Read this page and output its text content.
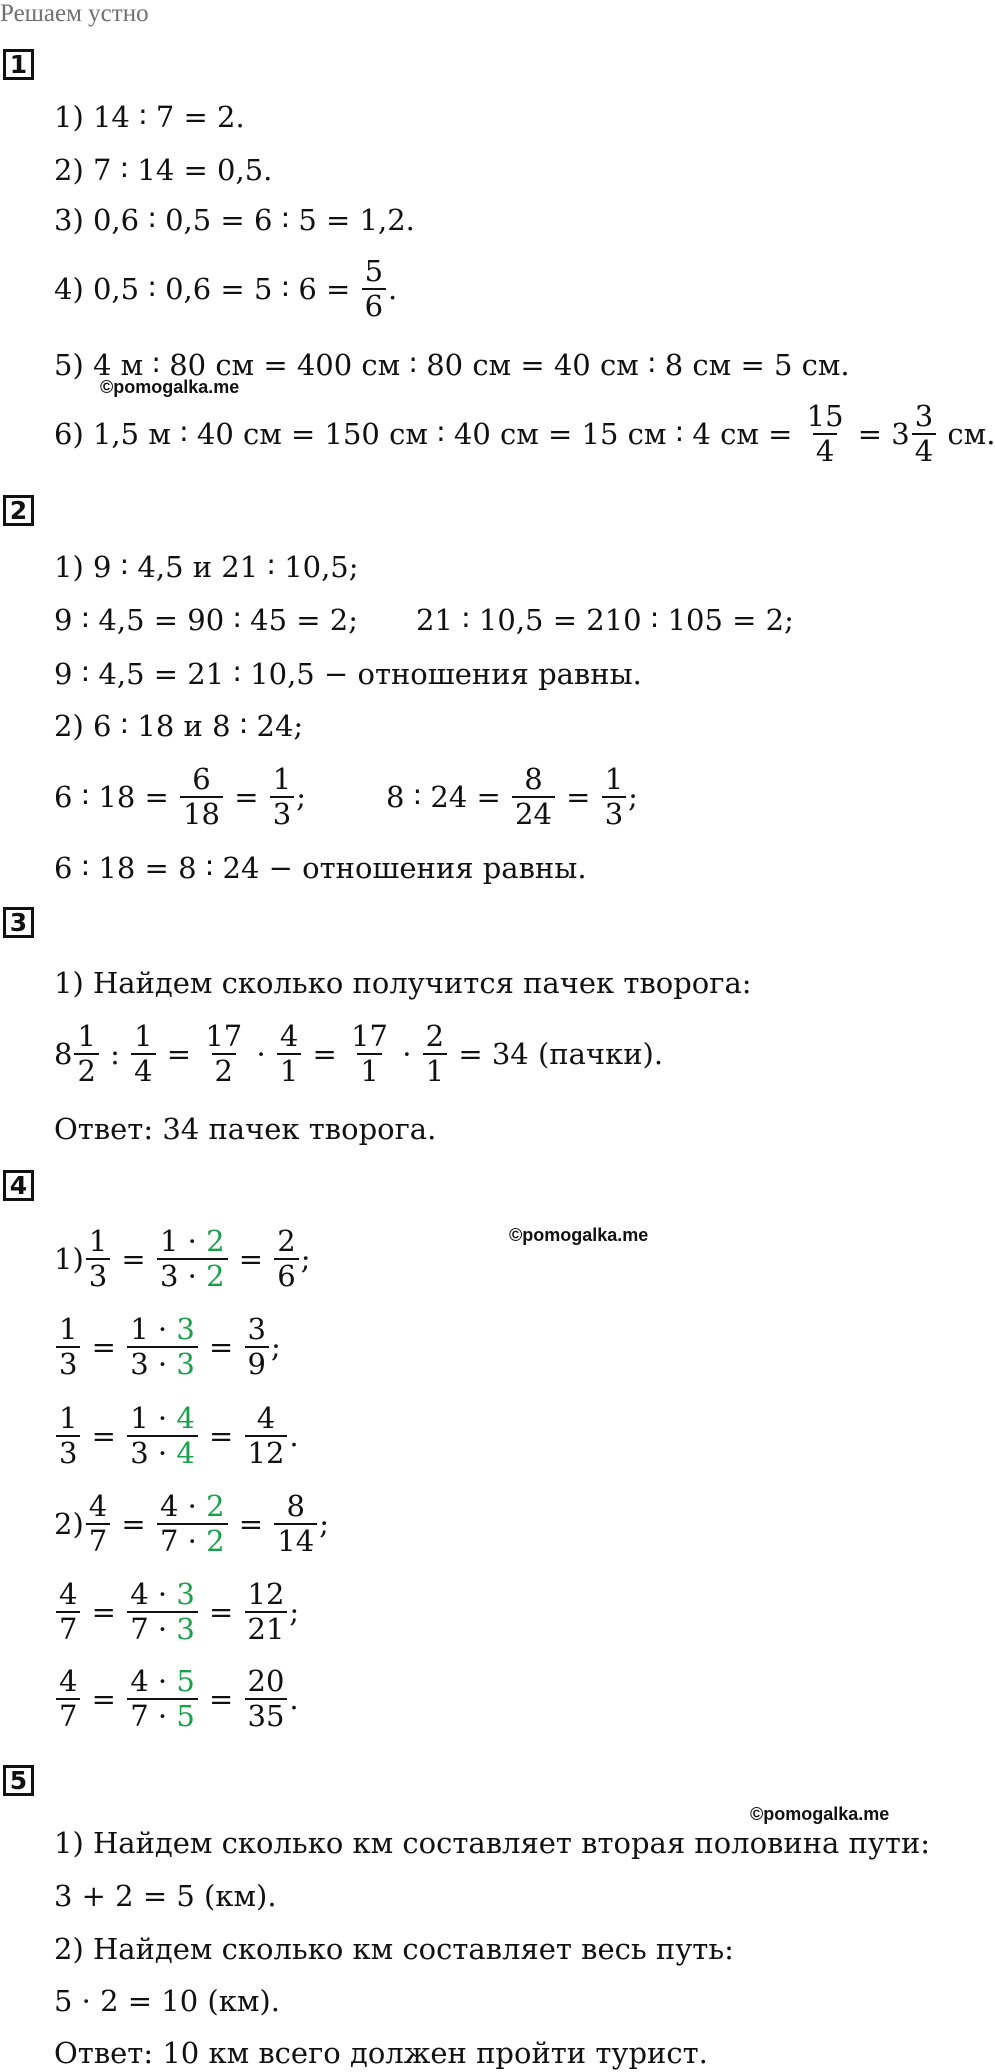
Решаем устно
1
1) 14 ∶ 7 = 2.
2) 7 ∶ 14 = 0,5.
3) 0,6 ∶ 0,5 = 6 ∶ 5 = 1,2.
4) 0,5 ∶ 0,6 = 5 ∶ $6 = \frac{5}{6}$ .
5) 4 м ∶ 80 см = 400 см ∶ 80 см = 40 см ∶ 8 см = 5 см.
©pomogalka.me
6) 1,5 м ∶ 40 см = 150 см ∶ 40 см = 15 см ∶ 4 см = $\frac{15}{4} = 3 \frac{3}{4}$ см.
2
1) 9 ∶ 4,5 и 21 ∶ 10,5;
9 ∶ 4,5 = 90 ∶ 45 = 2; 21 ∶ 10,5 = 210 ∶ 105 = 2;
9 ∶ 4,5 = 21 ∶ 10,5 − отношения равны.
2) 6 ∶ 18 и 8 ∶ 24;
6 ∶ $18 = \frac{6}{18} = \frac{1}{3}$ ;	8 ∶ $24 = \frac{8}{24} = \frac{1}{3}$ ;
6 ∶ 18 = 8 ∶ 24 − отношения равны.
3
1) Найдем сколько получится пачек творога:
$8 \frac{1}{2}$ : $\frac{1}{4} = \frac{17}{2} \cdot \frac{4}{1} = \frac{17}{1} \cdot \frac{2}{1} = 34$ (пачки).
Ответ: 34 пачек творога.
4
©pomogalka.me
$1) \frac{1}{3} = \frac{1 \cdot 2}{3 \cdot 2} = \frac{2}{6}$ ;
$\frac{1}{3} = \frac{1 \cdot 3}{3 \cdot 3} = \frac{3}{9}$ ;
$\frac{1}{3} = \frac{1 \cdot 4}{3 \cdot 4} = \frac{4}{12}$ .
$2) \frac{4}{7} = \frac{4 \cdot 2}{7 \cdot 2} = \frac{8}{14}$ ;
$\frac{4}{7} = \frac{4 \cdot 3}{7 \cdot 3} = \frac{12}{21}$ ;
$\frac{4}{7} = \frac{4 \cdot 5}{7 \cdot 5} = \frac{20}{35}$ .
5
©pomogalka.me
1) Найдем сколько км составляет вторая половина пути:
3 + 2 = 5 (км).
2) Найдем сколько км составляет весь путь:
5 · 2 = 10 (км).
Ответ: 10 км всего должен пройти турист.
